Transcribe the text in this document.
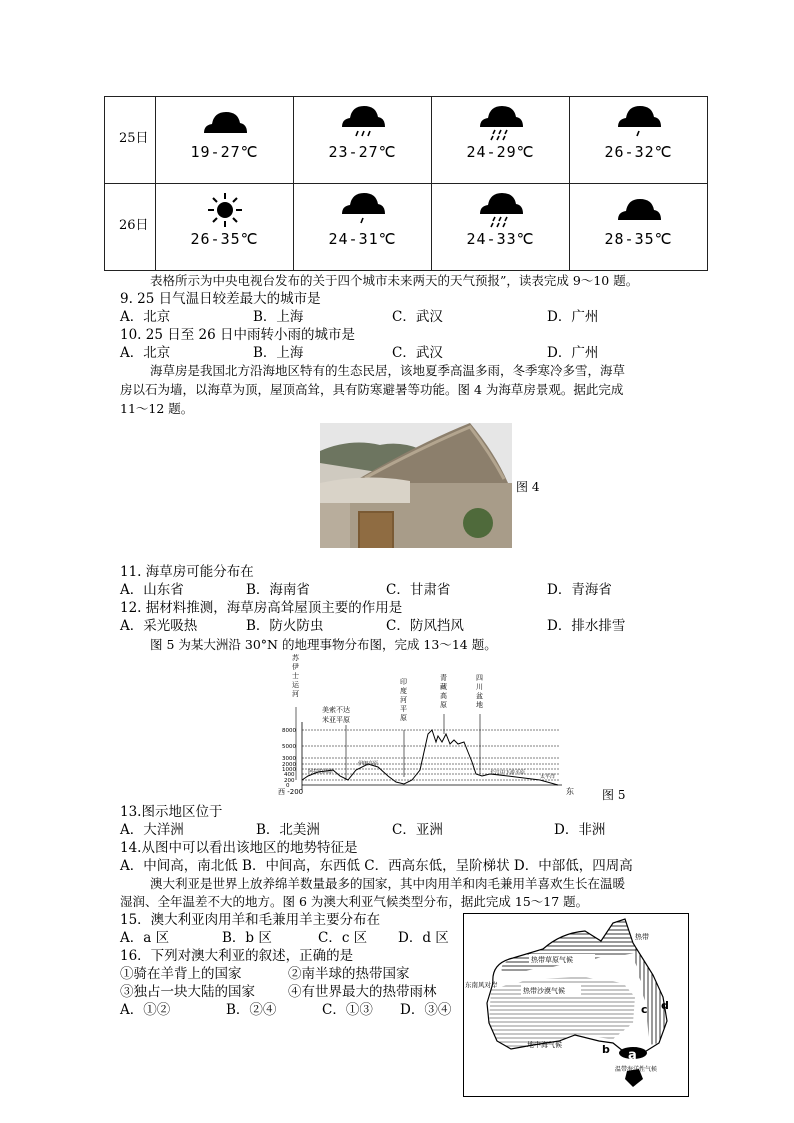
25日	19-27℃	23-27℃	24-29℃	26-32℃

26日	26-35℃	24-31℃	24-33℃	28-35℃
表格所示为中央电视台发布的关于四个城市未来两天的天气预报”，读表完成 9～10 题。
9. 25 日气温日较差最大的城市是
A．北京	B．上海	C．武汉	D．广州
10. 25 日至 26 日中雨转小雨的城市是
A．北京	B．上海	C．武汉	D．广州
海草房是我国北方沿海地区特有的生态民居，该地夏季高温多雨，冬季寒冷多雪，海草
房以石为墙，以海草为顶，屋顶高耸，具有防寒避暑等功能。图 4 为海草房景观。据此完成
11～12 题。
图 4
11. 海草房可能分布在
A．山东省	B．海南省	C．甘肃省	D．青海省
12. 据材料推测，海草房高耸屋顶主要的作用是
A．采光吸热	B．防火防虫	C．防风挡风	D．排水排雪
图 5 为某大洲沿 30°N 的地理事物分布图，完成 13～14 题。
苏伊士运河
美索不达
米亚平原
印度河平原
青藏高原
四川盆地
8000
5000
3000
2000
1000
400
200
0
西 -200	东
阿拉伯高原
伊朗高原
长江中下游平原
太平洋
图 5
13.图示地区位于
A．大洋洲	B．北美洲	C．亚洲	D．非洲
14.从图中可以看出该地区的地势特征是
A．中间高，南北低 B．中间高，东西低 C．西高东低，呈阶梯状 D．中部低，四周高
澳大利亚是世界上放养绵羊数量最多的国家，其中肉用羊和肉毛兼用羊喜欢生长在温暖
湿润、全年温差不大的地方。图 6 为澳大利亚气候类型分布，据此完成 15～17 题。
15．澳大利亚肉用羊和毛兼用羊主要分布在
A．a 区	B．b 区	C．c 区 D．d 区
16．下列对澳大利亚的叙述，正确的是
①骑在羊背上的国家	②南半球的热带国家
③独占一块大陆的国家 ④有世界最大的热带雨林
A．①②	B．②④	C．①③ D．③④
热带草原气候
热带
热带沙漠气候
东南风对岸
地中海气候
温带海洋性气候
b a
c d
